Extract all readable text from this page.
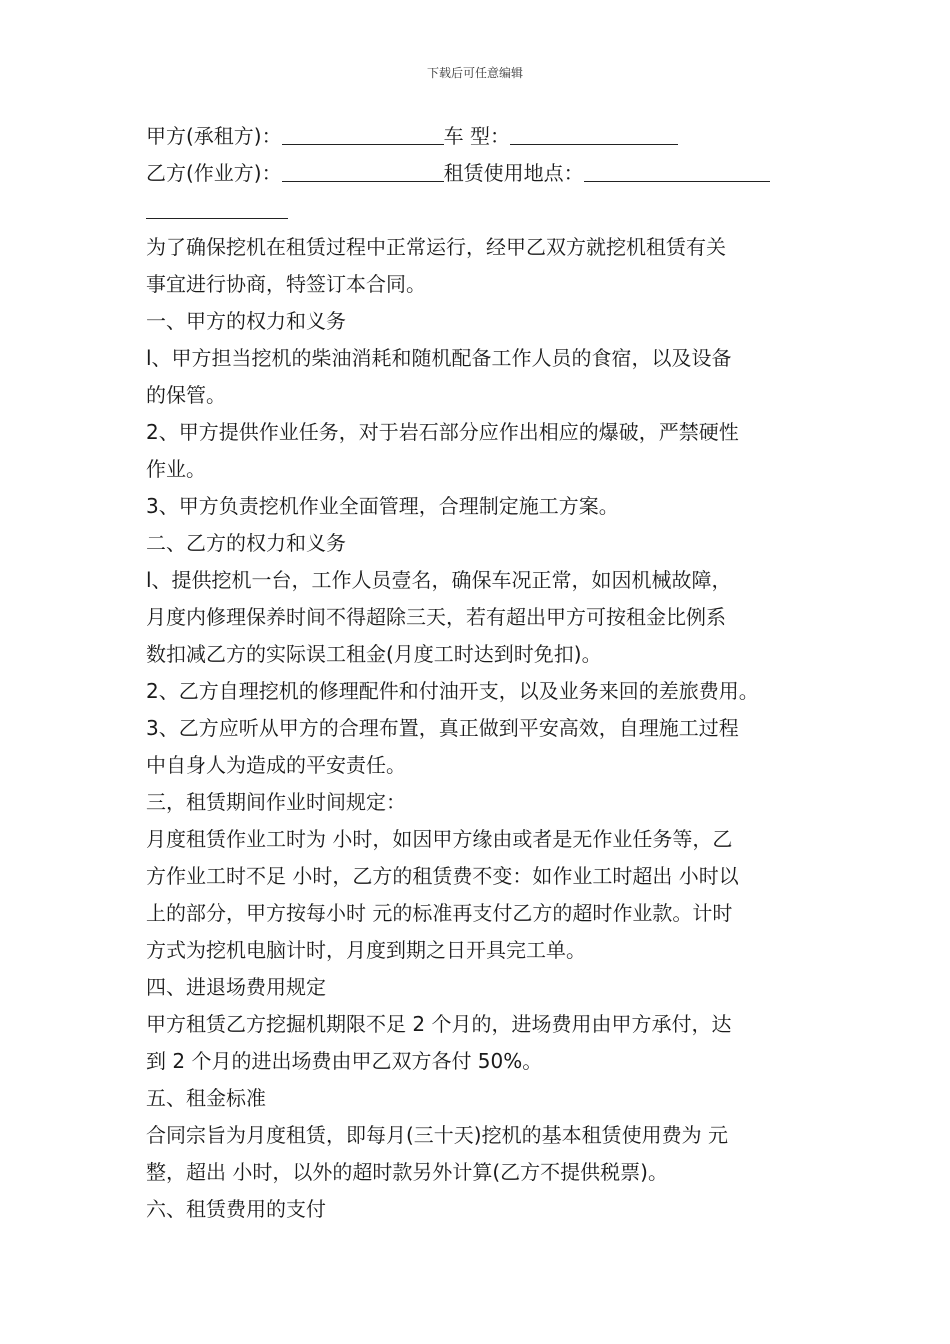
下载后可任意编辑
甲方(承租方)：	车 型：
乙方(作业方)：	租赁使用地点：
为了确保挖机在租赁过程中正常运行，经甲乙双方就挖机租赁有关
事宜进行协商，特签订本合同。
一、甲方的权力和义务
l、甲方担当挖机的柴油消耗和随机配备工作人员的食宿，以及设备
的保管。
2、甲方提供作业任务，对于岩石部分应作出相应的爆破，严禁硬性
作业。
3、甲方负责挖机作业全面管理，合理制定施工方案。
二、乙方的权力和义务
l、提供挖机一台，工作人员壹名，确保车况正常，如因机械故障，
月度内修理保养时间不得超除三天，若有超出甲方可按租金比例系
数扣减乙方的实际误工租金(月度工时达到时免扣)。
2、乙方自理挖机的修理配件和付油开支，以及业务来回的差旅费用。
3、乙方应听从甲方的合理布置，真正做到平安高效，自理施工过程
中自身人为造成的平安责任。
三，租赁期间作业时间规定：
月度租赁作业工时为 小时，如因甲方缘由或者是无作业任务等，乙
方作业工时不足 小时，乙方的租赁费不变：如作业工时超出 小时以
上的部分，甲方按每小时 元的标准再支付乙方的超时作业款。计时
方式为挖机电脑计时，月度到期之日开具完工单。
四、进退场费用规定
甲方租赁乙方挖掘机期限不足 2 个月的，进场费用由甲方承付，达
到 2 个月的进出场费由甲乙双方各付 50%。
五、租金标准
合同宗旨为月度租赁，即每月(三十天)挖机的基本租赁使用费为 元
整，超出 小时，以外的超时款另外计算(乙方不提供税票)。
六、租赁费用的支付
